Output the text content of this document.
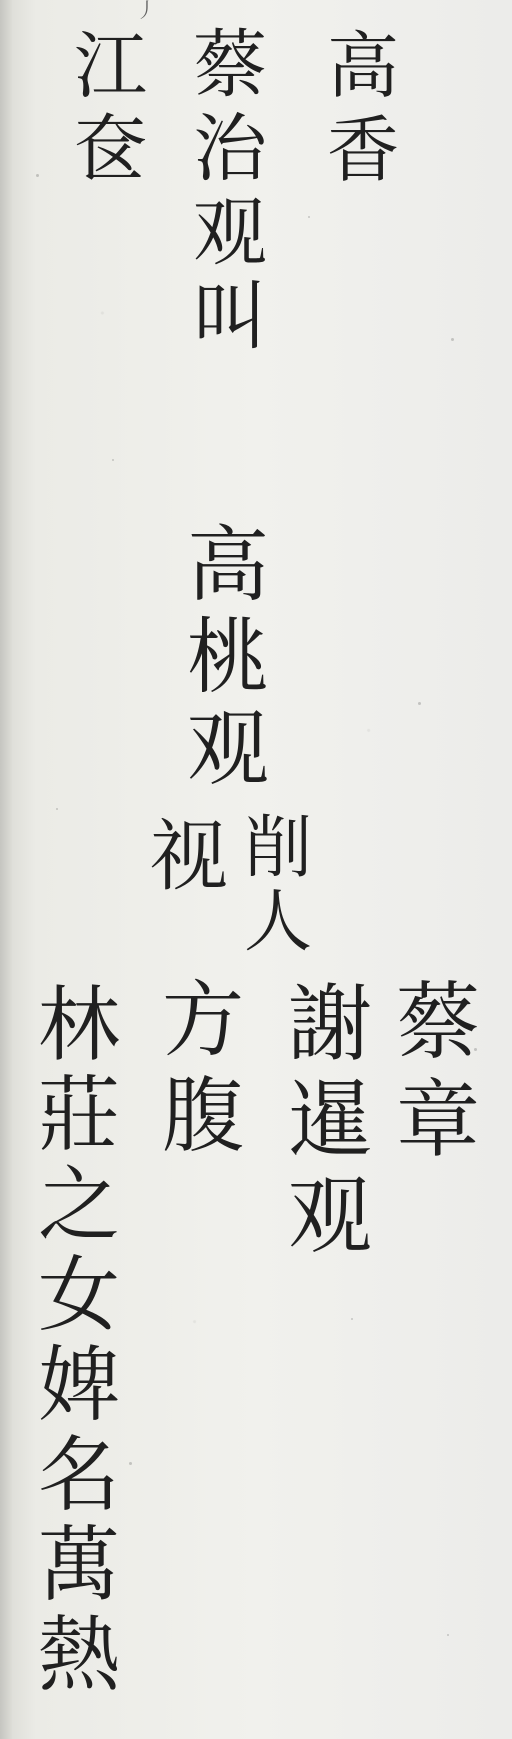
丿
高
香
蔡
治
观
叫
江
奁
高
桃
观
削
人
视
蔡
章
謝
暹
观
方
腹
林
莊
之
女
婢
名
萬
熱
